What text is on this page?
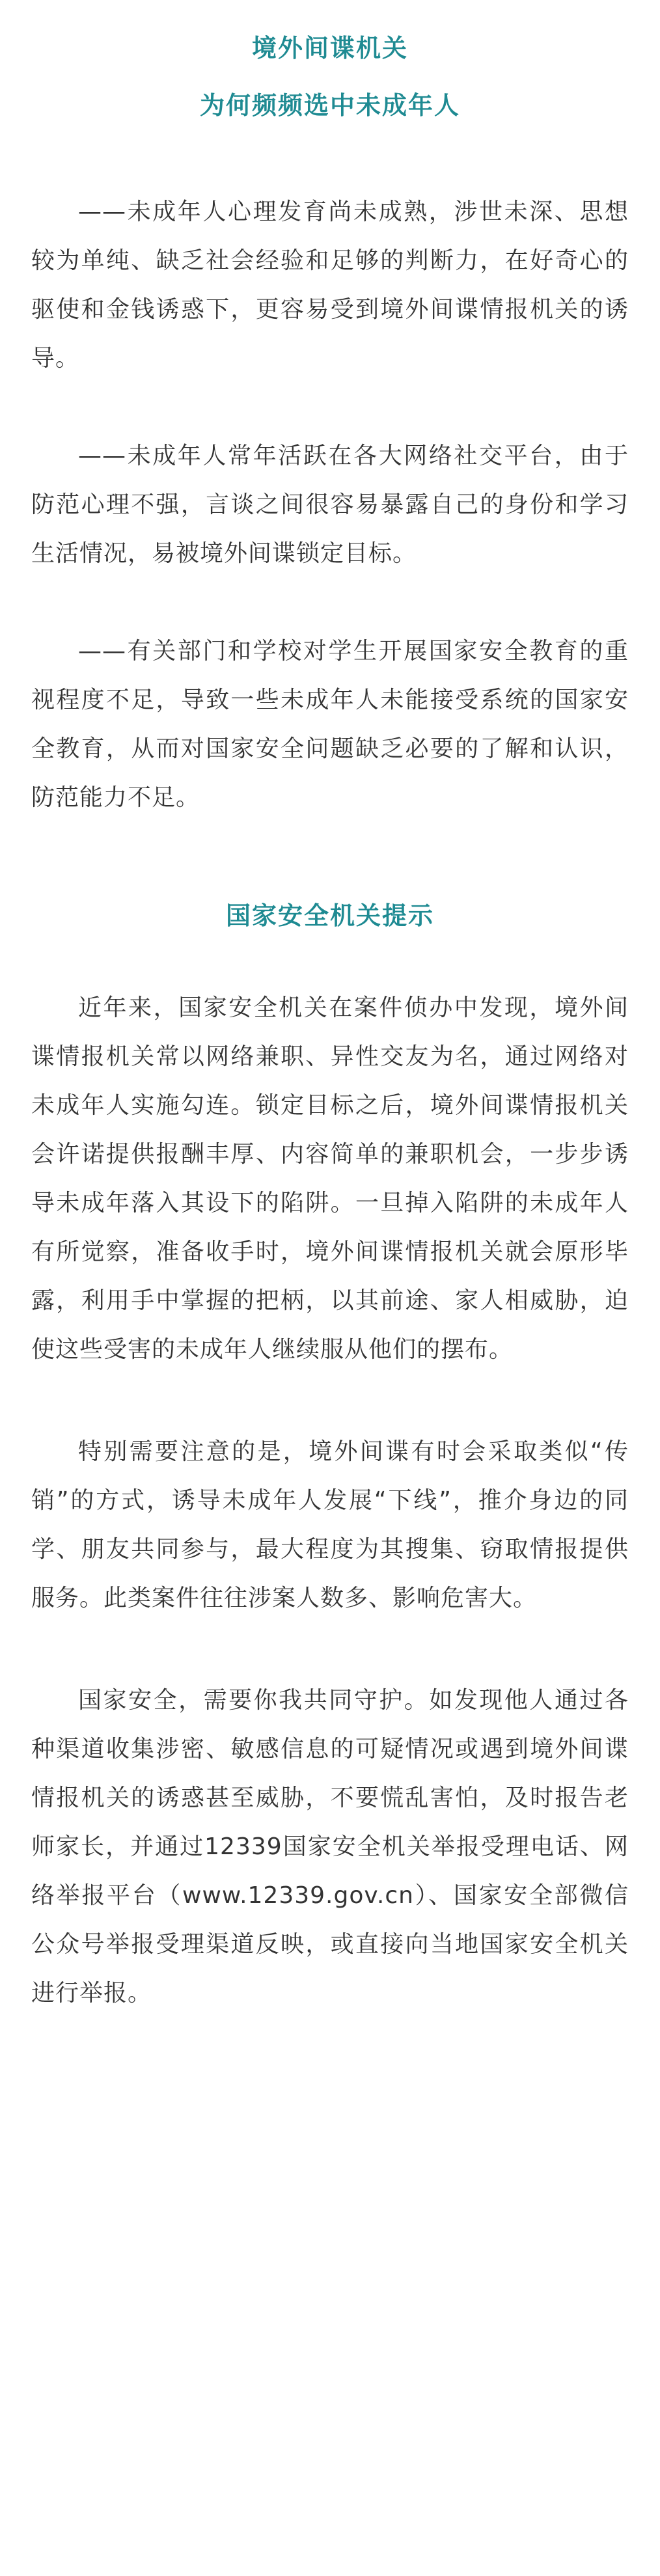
境外间谍机关
为何频频选中未成年人

——未成年人心理发育尚未成熟，涉世未深、思想较为单纯、缺乏社会经验和足够的判断力，在好奇心的驱使和金钱诱惑下，更容易受到境外间谍情报机关的诱导。

——未成年人常年活跃在各大网络社交平台，由于防范心理不强，言谈之间很容易暴露自己的身份和学习生活情况，易被境外间谍锁定目标。

——有关部门和学校对学生开展国家安全教育的重视程度不足，导致一些未成年人未能接受系统的国家安全教育，从而对国家安全问题缺乏必要的了解和认识，防范能力不足。

国家安全机关提示

近年来，国家安全机关在案件侦办中发现，境外间谍情报机关常以网络兼职、异性交友为名，通过网络对未成年人实施勾连。锁定目标之后，境外间谍情报机关会许诺提供报酬丰厚、内容简单的兼职机会，一步步诱导未成年落入其设下的陷阱。一旦掉入陷阱的未成年人有所觉察，准备收手时，境外间谍情报机关就会原形毕露，利用手中掌握的把柄，以其前途、家人相威胁，迫使这些受害的未成年人继续服从他们的摆布。

特别需要注意的是，境外间谍有时会采取类似“传销”的方式，诱导未成年人发展“下线”，推介身边的同学、朋友共同参与，最大程度为其搜集、窃取情报提供服务。此类案件往往涉案人数多、影响危害大。

国家安全，需要你我共同守护。如发现他人通过各种渠道收集涉密、敏感信息的可疑情况或遇到境外间谍情报机关的诱惑甚至威胁，不要慌乱害怕，及时报告老师家长，并通过12339国家安全机关举报受理电话、网络举报平台（www.12339.gov.cn）、国家安全部微信公众号举报受理渠道反映，或直接向当地国家安全机关进行举报。
